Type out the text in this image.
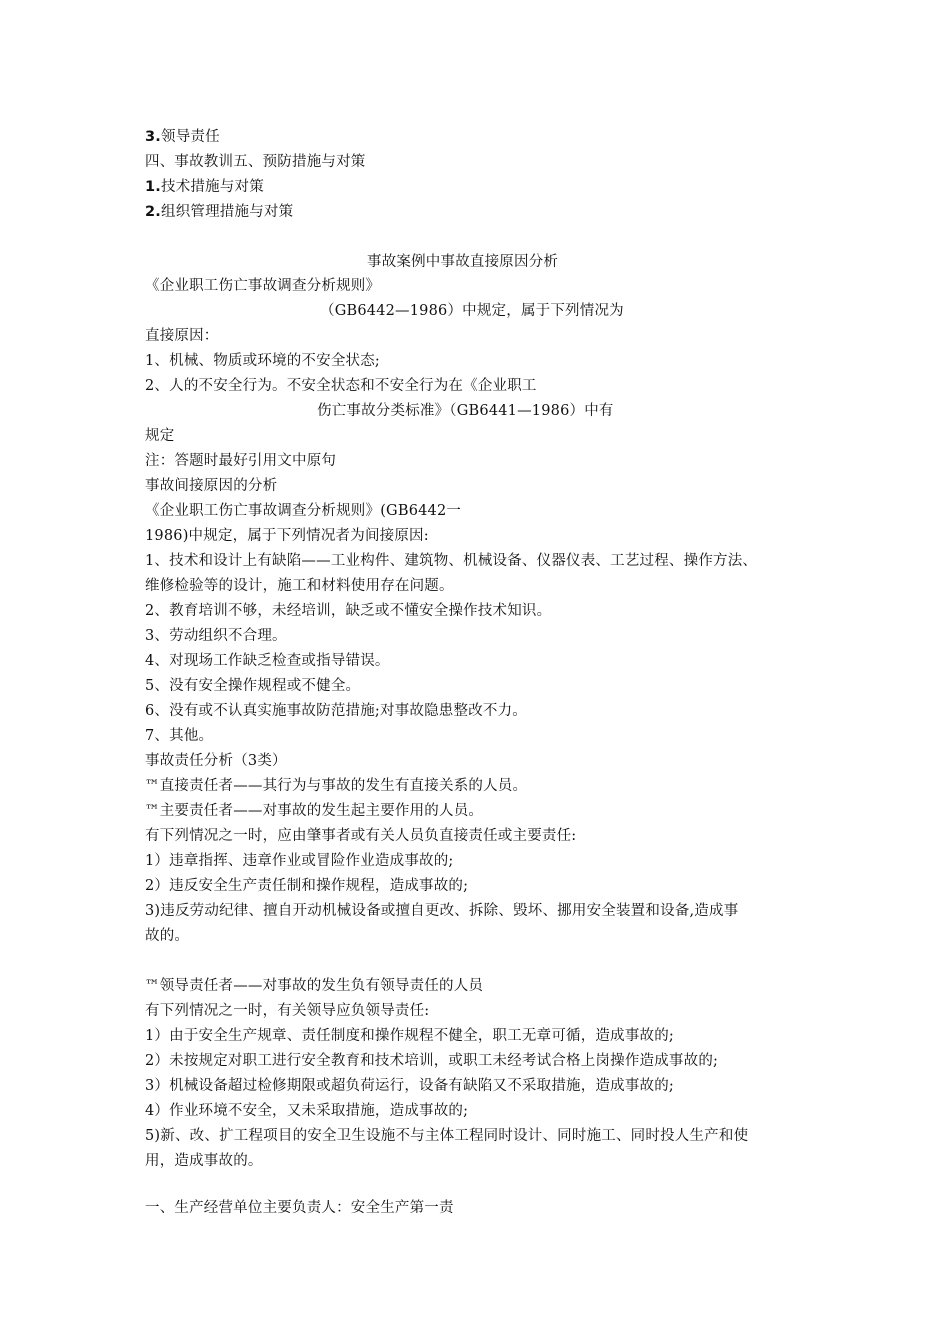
3.领导责任
四、事故教训五、预防措施与对策
1.技术措施与对策
2.组织管理措施与对策
事故案例中事故直接原因分析
《企业职工伤亡事故调查分析规则》
（GB6442—1986）中规定，属于下列情况为
直接原因：
1、机械、物质或环境的不安全状态;
2、人的不安全行为。不安全状态和不安全行为在《企业职工
伤亡事故分类标准》（GB6441—1986）中有
规定
注：答题时最好引用文中原句
事故间接原因的分析
《企业职工伤亡事故调查分析规则》(GB6442一
1986)中规定，属于下列情况者为间接原因:
1、技术和设计上有缺陷——工业构件、建筑物、机械设备、仪器仪表、工艺过程、操作方法、
维修检验等的设计，施工和材料使用存在问题。
2、教育培训不够，未经培训，缺乏或不懂安全操作技术知识。
3、劳动组织不合理。
4、对现场工作缺乏检查或指导错误。
5、没有安全操作规程或不健全。
6、没有或不认真实施事故防范措施;对事故隐患整改不力。
7、其他。
事故责任分析（3类）
™直接责任者——其行为与事故的发生有直接关系的人员。
™主要责任者——对事故的发生起主要作用的人员。
有下列情况之一时，应由肇事者或有关人员负直接责任或主要责任:
1）违章指挥、违章作业或冒险作业造成事故的;
2）违反安全生产责任制和操作规程，造成事故的;
3)违反劳动纪律、擅自开动机械设备或擅自更改、拆除、毁坏、挪用安全装置和设备,造成事
故的。
™领导责任者——对事故的发生负有领导责任的人员
有下列情况之一时，有关领导应负领导责任:
1）由于安全生产规章、责任制度和操作规程不健全，职工无章可循，造成事故的;
2）未按规定对职工进行安全教育和技术培训，或职工未经考试合格上岗操作造成事故的;
3）机械设备超过检修期限或超负荷运行，设备有缺陷又不采取措施，造成事故的;
4）作业环境不安全，又未采取措施，造成事故的;
5)新、改、扩工程项目的安全卫生设施不与主体工程同时设计、同时施工、同时投人生产和使
用，造成事故的。
一、生产经营单位主要负责人：安全生产第一责
